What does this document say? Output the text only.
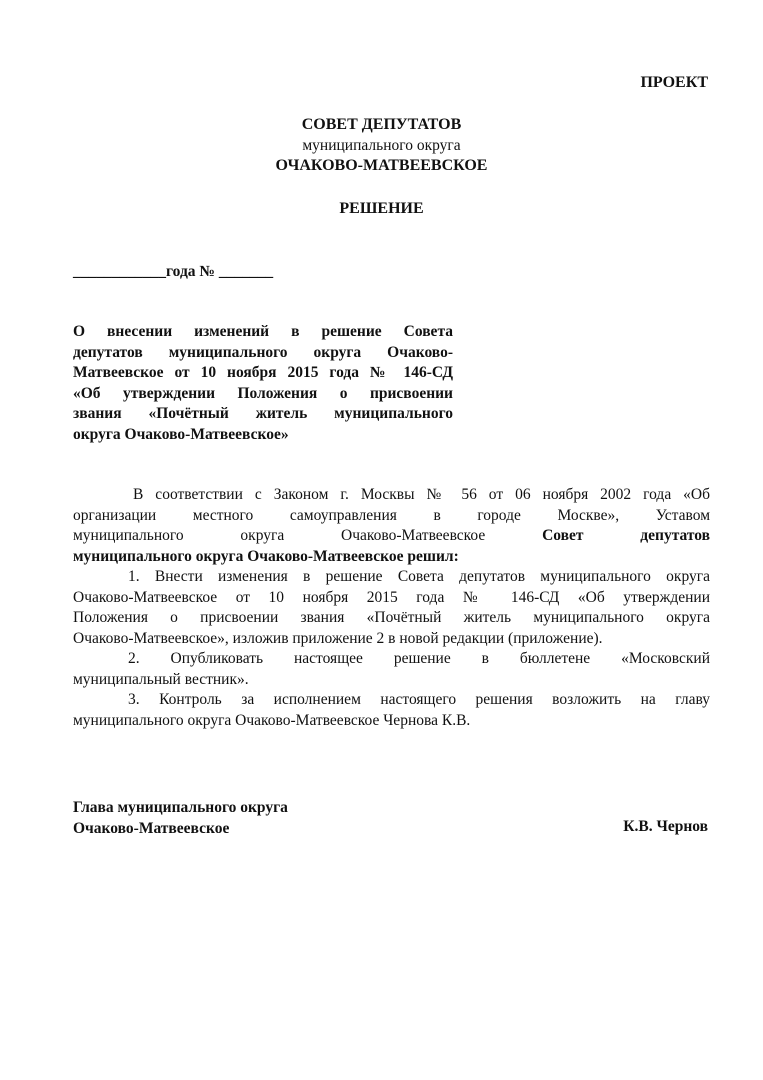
ПРОЕКТ
СОВЕТ ДЕПУТАТОВ
муниципального округа
ОЧАКОВО-МАТВЕЕВСКОЕ
РЕШЕНИЕ
____________года № _______
О внесении изменений в решение Совета
депутатов муниципального округа Очаково-
Матвеевское от 10 ноября 2015 года № 146-СД
«Об утверждении Положения о присвоении
звания «Почётный житель муниципального
округа Очаково-Матвеевское»
В соответствии с Законом г. Москвы № 56 от 06 ноября 2002 года «Об
организации местного самоуправления в городе Москве», Уставом
муниципального округа Очаково-Матвеевское Совет депутатов
муниципального округа Очаково-Матвеевское решил:
1. Внести изменения в решение Совета депутатов муниципального округа
Очаково-Матвеевское от 10 ноября 2015 года № 146-СД «Об утверждении
Положения о присвоении звания «Почётный житель муниципального округа
Очаково-Матвеевское», изложив приложение 2 в новой редакции (приложение).
2. Опубликовать настоящее решение в бюллетене «Московский
муниципальный вестник».
3. Контроль за исполнением настоящего решения возложить на главу
муниципального округа Очаково-Матвеевское Чернова К.В.
Глава муниципального округа
Очаково-Матвеевское	К.В. Чернов
